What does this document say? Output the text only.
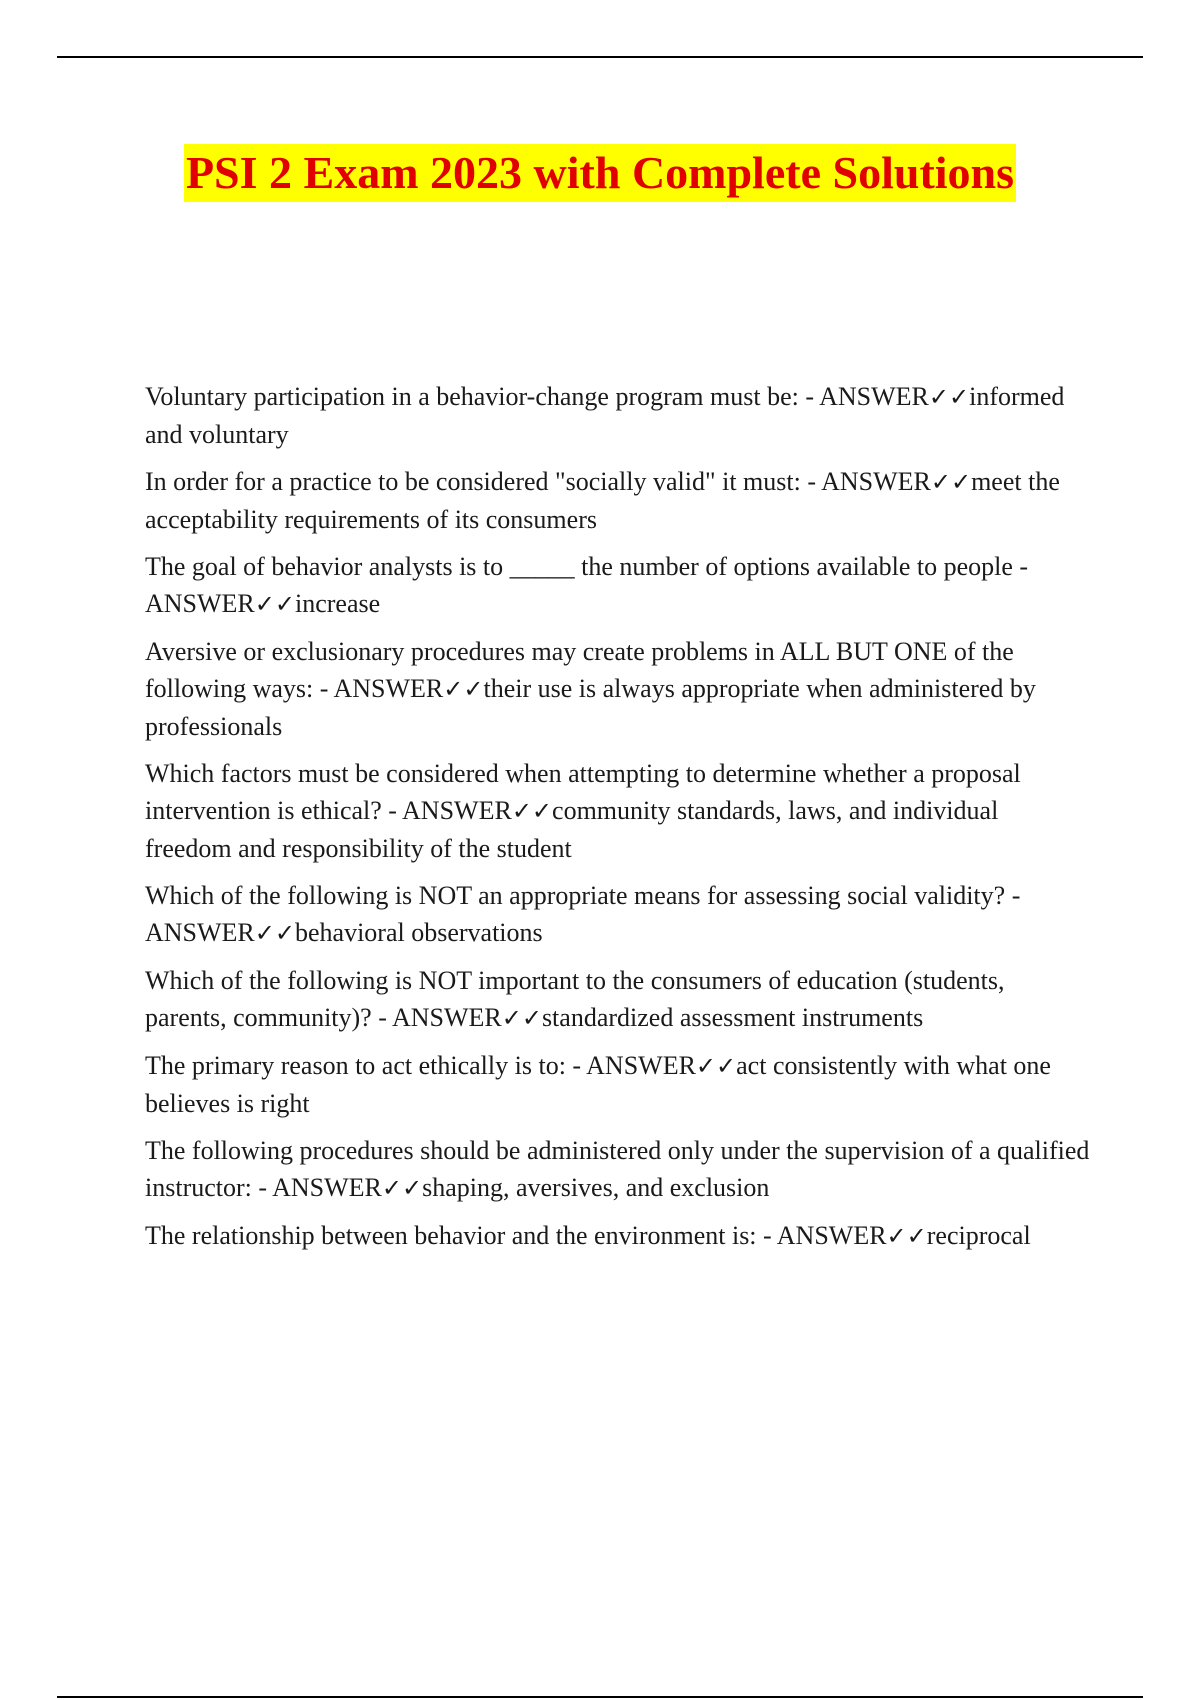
PSI 2 Exam 2023 with Complete Solutions
Voluntary participation in a behavior-change program must be: - ANSWER✓✓informed and voluntary
In order for a practice to be considered "socially valid" it must: - ANSWER✓✓meet the acceptability requirements of its consumers
The goal of behavior analysts is to _____ the number of options available to people - ANSWER✓✓increase
Aversive or exclusionary procedures may create problems in ALL BUT ONE of the following ways: - ANSWER✓✓their use is always appropriate when administered by professionals
Which factors must be considered when attempting to determine whether a proposal intervention is ethical? - ANSWER✓✓community standards, laws, and individual freedom and responsibility of the student
Which of the following is NOT an appropriate means for assessing social validity? - ANSWER✓✓behavioral observations
Which of the following is NOT important to the consumers of education (students, parents, community)? - ANSWER✓✓standardized assessment instruments
The primary reason to act ethically is to: - ANSWER✓✓act consistently with what one believes is right
The following procedures should be administered only under the supervision of a qualified instructor: - ANSWER✓✓shaping, aversives, and exclusion
The relationship between behavior and the environment is: - ANSWER✓✓reciprocal
